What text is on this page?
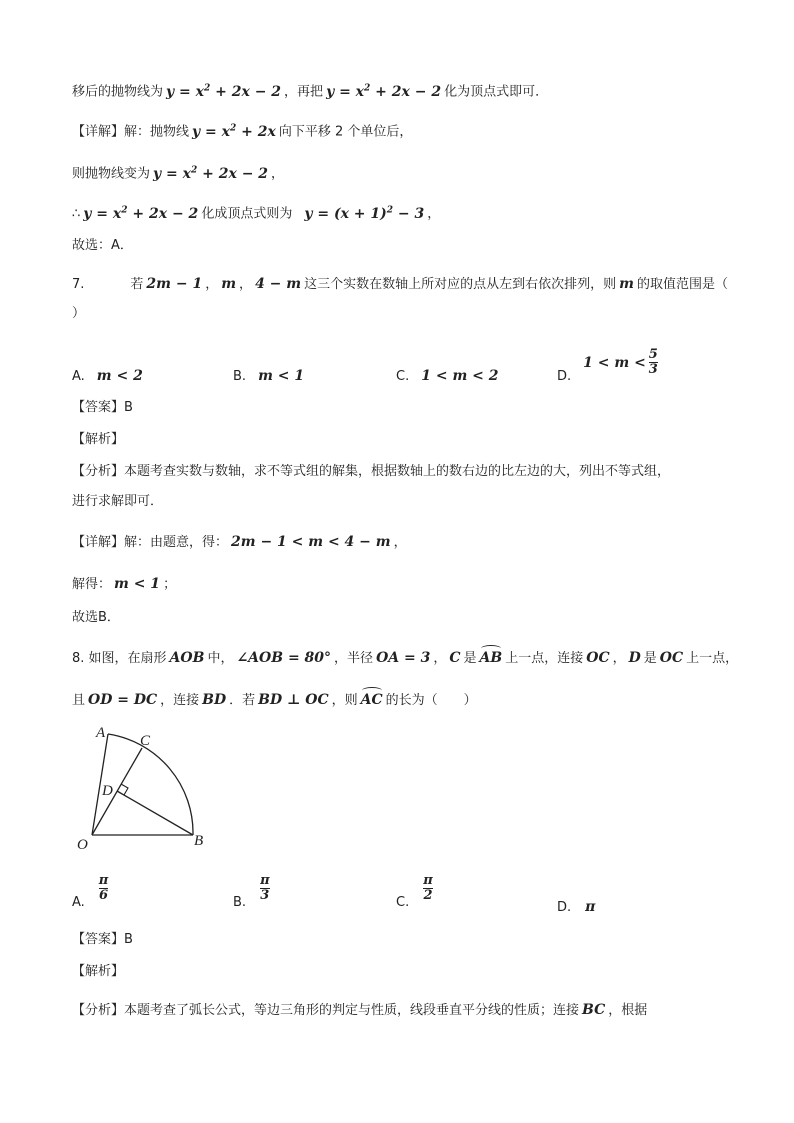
移后的抛物线为 $y = x^2 + 2x - 2$ ，再把 $y = x^2 + 2x - 2$ 化为顶点式即可．
【详解】解：抛物线 $y = x^2 + 2x$ 向下平移 2 个单位后，
则抛物线变为 $y = x^2 + 2x - 2$ ，
∴ $y = x^2 + 2x - 2$ 化成顶点式则为 $y = (x + 1)^2 - 3$ ，
故选：A．
7.	若 2m − 1 ， m ， 4 − m 这三个实数在数轴上所对应的点从左到右依次排列，则 m 的取值范围是（
）
A. m < 2	B. m < 1	C. 1 < m < 2	$D.1 < m < \frac{5}{3}$
【答案】B
【解析】
【分析】本题考查实数与数轴，求不等式组的解集，根据数轴上的数右边的比左边的大，列出不等式组，
进行求解即可．
【详解】解：由题意，得： 2m − 1 < m < 4 − m ，
解得： m < 1 ；
故选B．
8. 如图，在扇形 AOB 中， ∠AOB = 80° ，半径 OA = 3 ， C 是 AB 上一点，连接 OC ， D 是 OC 上一点，
且 OD = DC ，连接 BD ．若 BD ⊥ OC ，则 AC 的长为（　　）
A C
D
O	B
A. $\frac{\pi}{6}$	B. $\frac{\pi}{3}$	C. $\frac{\pi}{2}$
D. π
【答案】B
【解析】
【分析】本题考查了弧长公式，等边三角形的判定与性质，线段垂直平分线的性质；连接 BC ，根据
